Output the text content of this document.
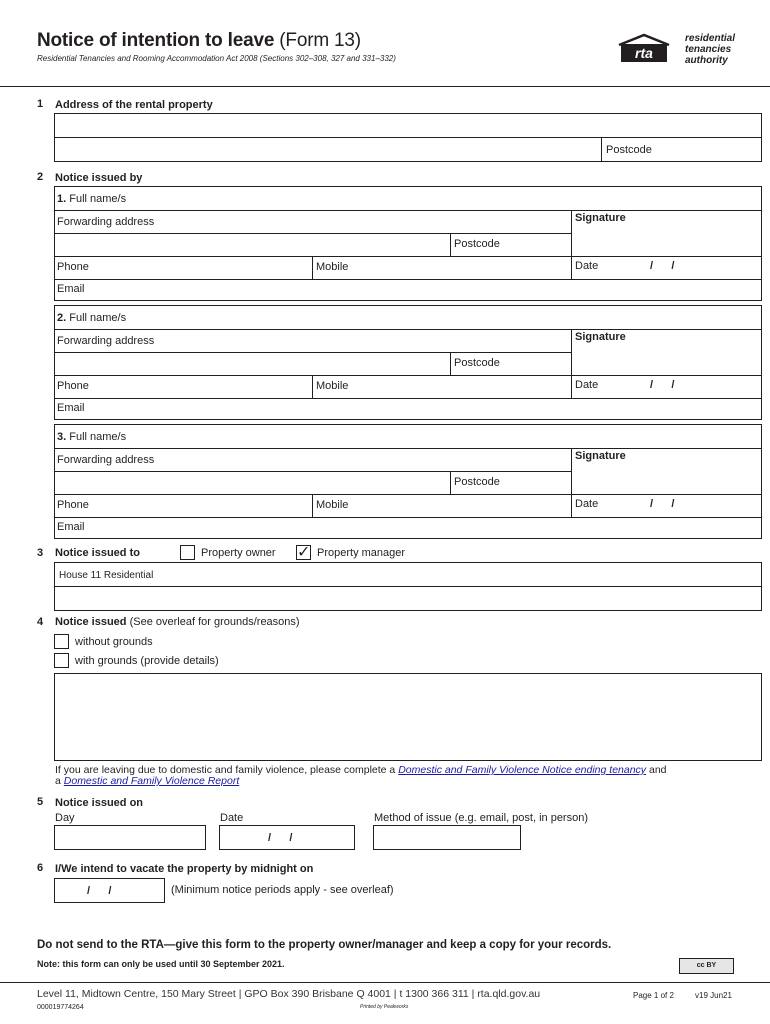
Notice of intention to leave (Form 13)
Residential Tenancies and Rooming Accommodation Act 2008 (Sections 302–308, 327 and 331–332)	rta
residential
tenancies
authority
1 Address of the rental property
Postcode
2 Notice issued by
1. Full name/s
Forwarding address
Postcode
Signature
Phone	Mobile	Date	/      /
Email
2. Full name/s
Forwarding address
Postcode
Signature
Phone	Mobile	Date	/      /
Email
3. Full name/s
Forwarding address
Postcode
Signature
Phone	Mobile	Date	/      /
Email
3 Notice issued to	Property owner ✓ Property manager
House 11 Residential
4 Notice issued (See overleaf for grounds/reasons)
without grounds
with grounds (provide details)
If you are leaving due to domestic and family violence, please complete a Domestic and Family Violence Notice ending tenancy and
a Domestic and Family Violence Report
5 Notice issued on
Day	Date
/      /
Method of issue (e.g. email, post, in person)
6 I/We intend to vacate the property by midnight on
/      /	(Minimum notice periods apply - see overleaf)
Do not send to the RTA—give this form to the property owner/manager and keep a copy for your records.
Note: this form can only be used until 30 September 2021.	cc BY
Level 11, Midtown Centre, 150 Mary Street | GPO Box 390 Brisbane Q 4001 | t 1300 366 311 | rta.qld.gov.au	Page 1 of 2	v19 Jun21
000019774264	Printed by Peakworks
